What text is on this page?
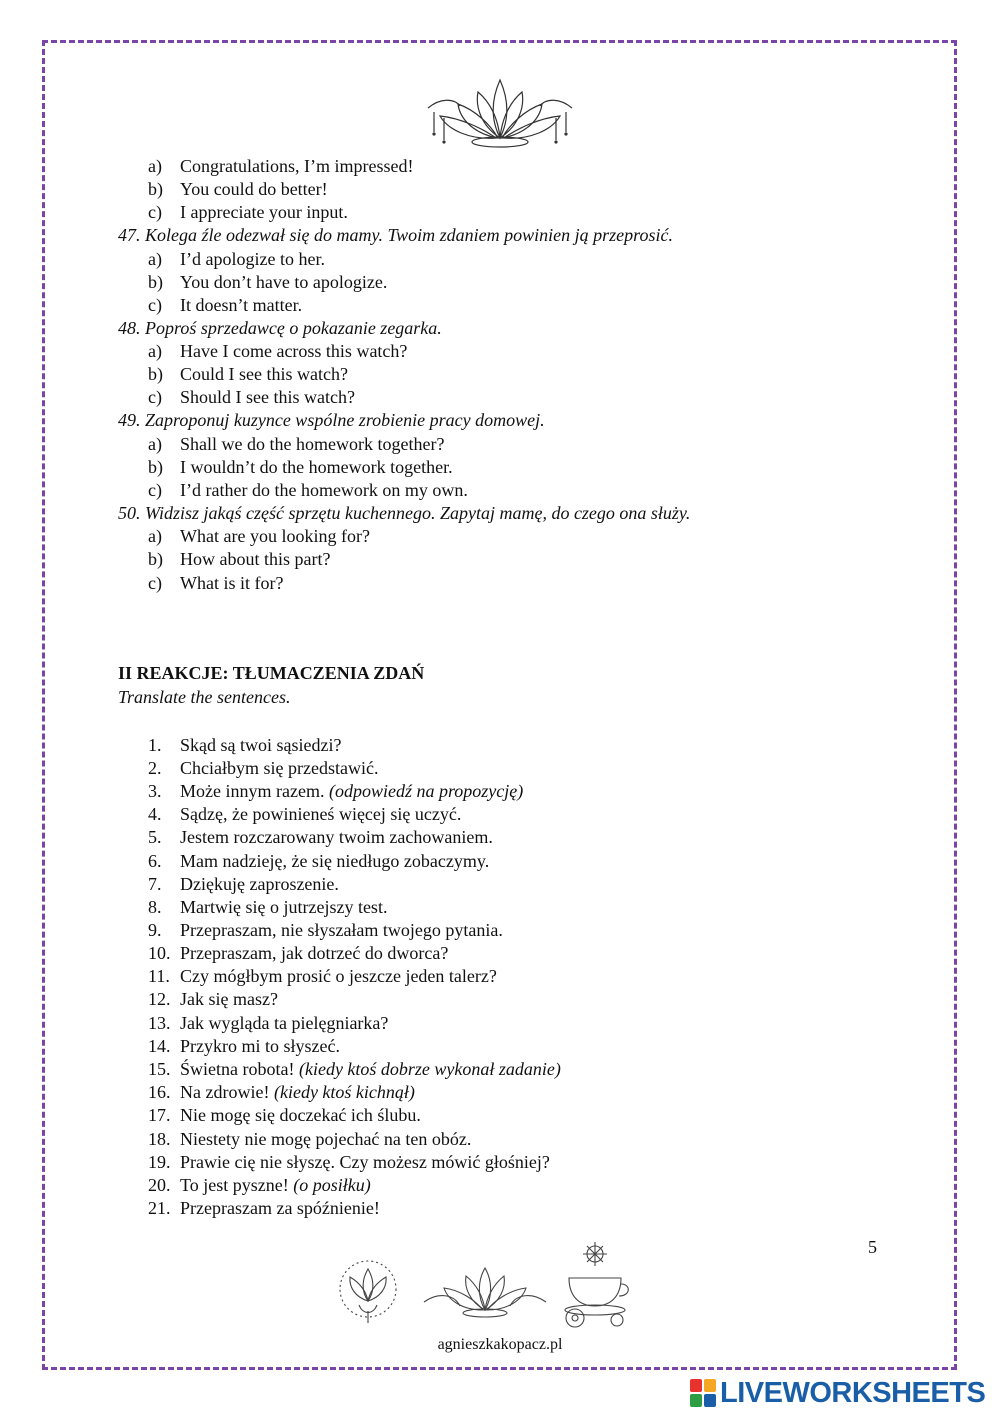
a) Congratulations, I’m impressed!
b) You could do better!
c) I appreciate your input.
47. Kolega źle odezwał się do mamy. Twoim zdaniem powinien ją przeprosić.
a) I’d apologize to her.
b) You don’t have to apologize.
c) It doesn’t matter.
48. Poproś sprzedawcę o pokazanie zegarka.
a) Have I come across this watch?
b) Could I see this watch?
c) Should I see this watch?
49. Zaproponuj kuzynce wspólne zrobienie pracy domowej.
a) Shall we do the homework together?
b) I wouldn’t do the homework together.
c) I’d rather do the homework on my own.
50. Widzisz jakąś część sprzętu kuchennego. Zapytaj mamę, do czego ona służy.
a) What are you looking for?
b) How about this part?
c) What is it for?
II REAKCJE: TŁUMACZENIA ZDAŃ
Translate the sentences.
1. Skąd są twoi sąsiedzi?
2. Chciałbym się przedstawić.
3. Może innym razem. (odpowiedź na propozycję)
4. Sądzę, że powinieneś więcej się uczyć.
5. Jestem rozczarowany twoim zachowaniem.
6. Mam nadzieję, że się niedługo zobaczymy.
7. Dziękuję zaproszenie.
8. Martwię się o jutrzejszy test.
9. Przepraszam, nie słyszałam twojego pytania.
10. Przepraszam, jak dotrzeć do dworca?
11. Czy mógłbym prosić o jeszcze jeden talerz?
12. Jak się masz?
13. Jak wygląda ta pielęgniarka?
14. Przykro mi to słyszeć.
15. Świetna robota! (kiedy ktoś dobrze wykonał zadanie)
16. Na zdrowie! (kiedy ktoś kichnął)
17. Nie mogę się doczekać ich ślubu.
18. Niestety nie mogę pojechać na ten obóz.
19. Prawie cię nie słyszę. Czy możesz mówić głośniej?
20. To jest pyszne! (o posiłku)
21. Przepraszam za spóźnienie!
5
agnieszkakopacz.pl
LIVEWORKSHEETS
